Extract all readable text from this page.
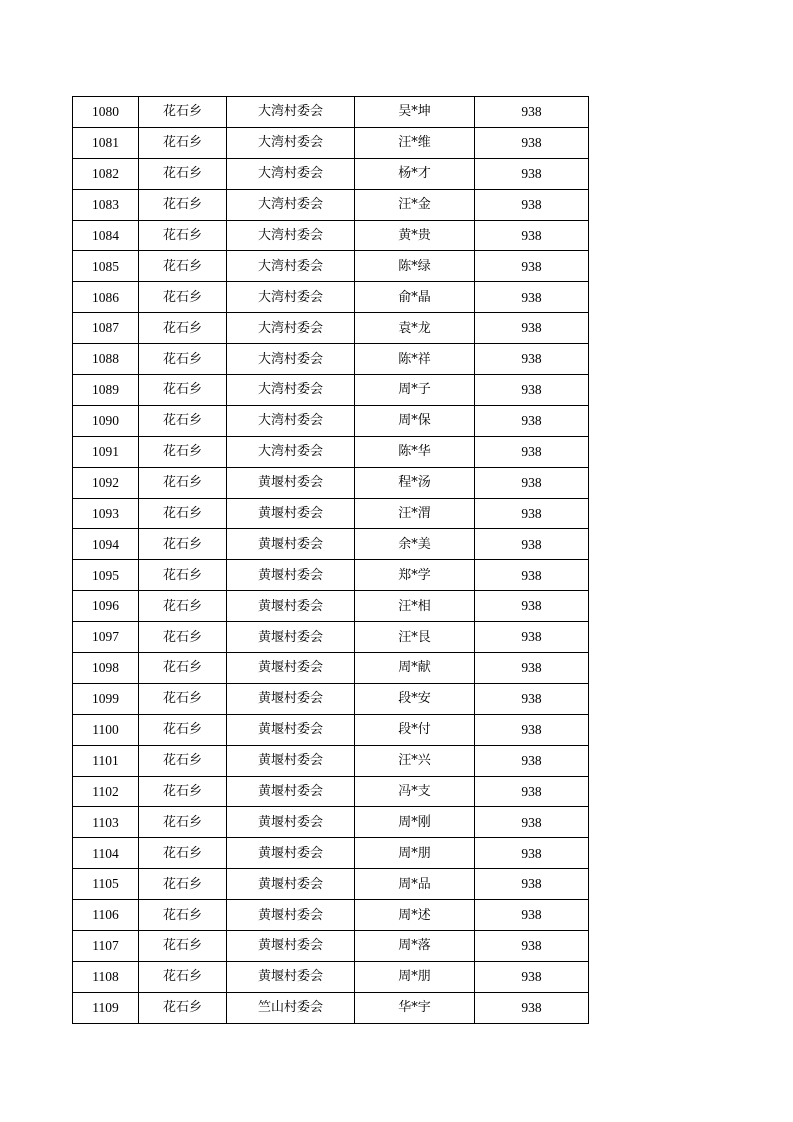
1080	花石乡	大湾村委会	吴*坤	938
1081	花石乡	大湾村委会	汪*维	938
1082	花石乡	大湾村委会	杨*才	938
1083	花石乡	大湾村委会	汪*金	938
1084	花石乡	大湾村委会	黄*贵	938
1085	花石乡	大湾村委会	陈*绿	938
1086	花石乡	大湾村委会	俞*晶	938
1087	花石乡	大湾村委会	袁*龙	938
1088	花石乡	大湾村委会	陈*祥	938
1089	花石乡	大湾村委会	周*子	938
1090	花石乡	大湾村委会	周*保	938
1091	花石乡	大湾村委会	陈*华	938
1092	花石乡	黄堰村委会	程*汤	938
1093	花石乡	黄堰村委会	汪*渭	938
1094	花石乡	黄堰村委会	余*美	938
1095	花石乡	黄堰村委会	郑*学	938
1096	花石乡	黄堰村委会	汪*相	938
1097	花石乡	黄堰村委会	汪*艮	938
1098	花石乡	黄堰村委会	周*献	938
1099	花石乡	黄堰村委会	段*安	938
1100	花石乡	黄堰村委会	段*付	938
1101	花石乡	黄堰村委会	汪*兴	938
1102	花石乡	黄堰村委会	冯*支	938
1103	花石乡	黄堰村委会	周*刚	938
1104	花石乡	黄堰村委会	周*朋	938
1105	花石乡	黄堰村委会	周*品	938
1106	花石乡	黄堰村委会	周*述	938
1107	花石乡	黄堰村委会	周*落	938
1108	花石乡	黄堰村委会	周*朋	938
1109	花石乡	竺山村委会	华*宇	938
